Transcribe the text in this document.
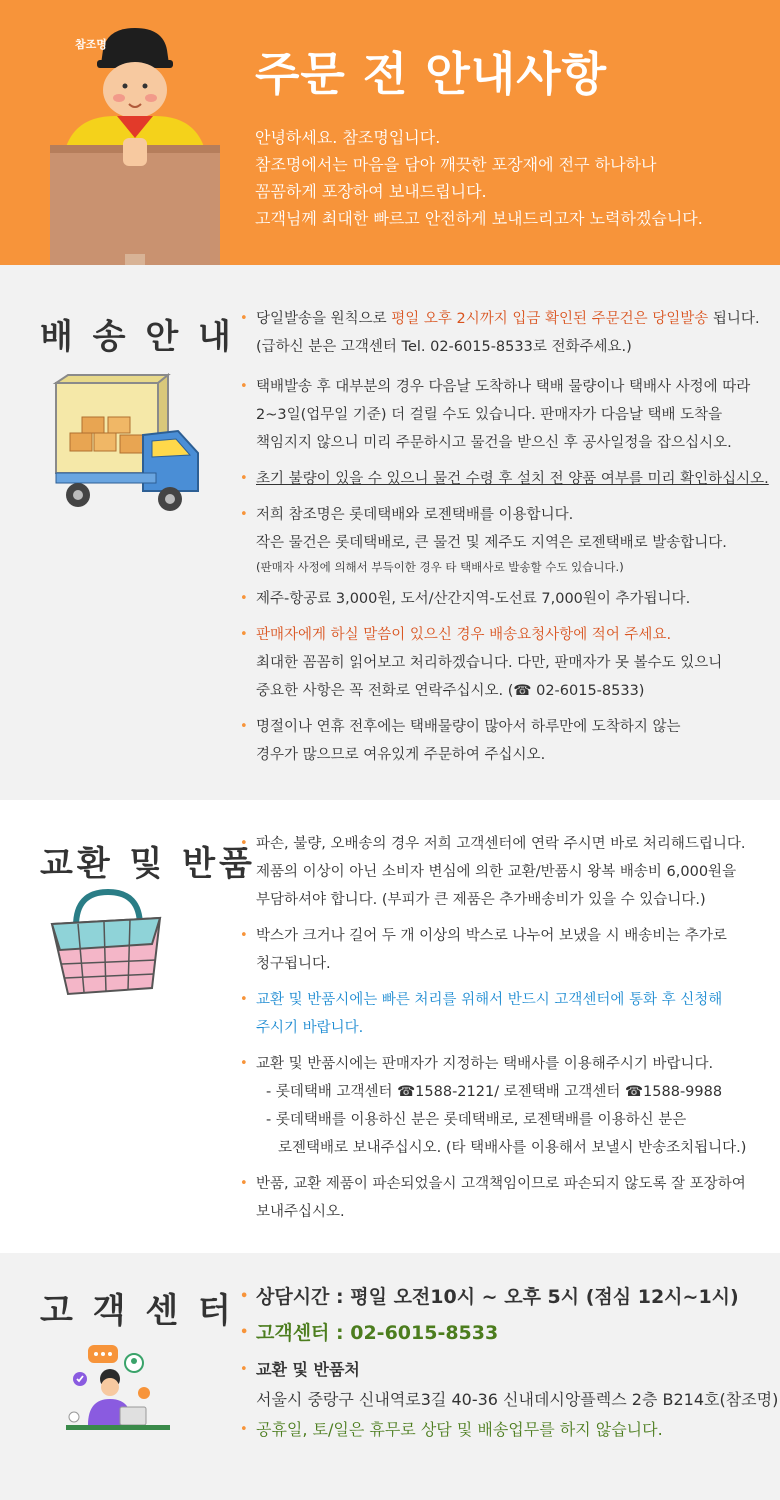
참조명
주문 전 안내사항

안녕하세요. 참조명입니다.

참조명에서는 마음을 담아 깨끗한 포장재에 전구 하나하나

꼼꼼하게 포장하여 보내드립니다.

고객님께 최대한 빠르고 안전하게 보내드리고자 노력하겠습니다.

배 송 안 내 • 당일발송을 원칙으로 평일 오후 2시까지 입금 확인된 주문건은 당일발송 됩니다.
(급하신 분은 고객센터 Tel. 02-6015-8533로 전화주세요.)
• 택배발송 후 대부분의 경우 다음날 도착하나 택배 물량이나 택배사 사정에 따라
2~3일(업무일 기준) 더 걸릴 수도 있습니다. 판매자가 다음날 택배 도착을
책임지지 않으니 미리 주문하시고 물건을 받으신 후 공사일정을 잡으십시오.
• 초기 불량이 있을 수 있으니 물건 수령 후 설치 전 양품 여부를 미리 확인하십시오.
• 저희 참조명은 롯데택배와 로젠택배를 이용합니다.
작은 물건은 롯데택배로, 큰 물건 및 제주도 지역은 로젠택배로 발송합니다.
(판매자 사정에 의해서 부득이한 경우 타 택배사로 발송할 수도 있습니다.)
• 제주-항공료 3,000원, 도서/산간지역-도선료 7,000원이 추가됩니다.
• 판매자에게 하실 말씀이 있으신 경우 배송요청사항에 적어 주세요.
최대한 꼼꼼히 읽어보고 처리하겠습니다. 다만, 판매자가 못 볼수도 있으니
중요한 사항은 꼭 전화로 연락주십시오. (☎ 02-6015-8533)
• 명절이나 연휴 전후에는 택배물량이 많아서 하루만에 도착하지 않는
경우가 많으므로 여유있게 주문하여 주십시오.
교환 및 반품 • 파손, 불량, 오배송의 경우 저희 고객센터에 연락 주시면 바로 처리해드립니다.
제품의 이상이 아닌 소비자 변심에 의한 교환/반품시 왕복 배송비 6,000원을
부담하셔야 합니다. (부피가 큰 제품은 추가배송비가 있을 수 있습니다.)
• 박스가 크거나 길어 두 개 이상의 박스로 나누어 보냈을 시 배송비는 추가로
청구됩니다.
• 교환 및 반품시에는 빠른 처리를 위해서 반드시 고객센터에 통화 후 신청해
주시기 바랍니다.
• 교환 및 반품시에는 판매자가 지정하는 택배사를 이용해주시기 바랍니다.
- 롯데택배 고객센터 ☎1588-2121/ 로젠택배 고객센터 ☎1588-9988
- 롯데택배를 이용하신 분은 롯데택배로, 로젠택배를 이용하신 분은
로젠택배로 보내주십시오. (타 택배사를 이용해서 보낼시 반송조치됩니다.)
• 반품, 교환 제품이 파손되었을시 고객책임이므로 파손되지 않도록 잘 포장하여
보내주십시오.
고 객 센 터	• 상담시간 : 평일 오전10시 ~ 오후 5시 (점심 12시~1시)
• 고객센터 : 02-6015-8533
• 교환 및 반품처
서울시 중랑구 신내역로3길 40-36 신내데시앙플렉스 2층 B214호(참조명)
• 공휴일, 토/일은 휴무로 상담 및 배송업무를 하지 않습니다.
